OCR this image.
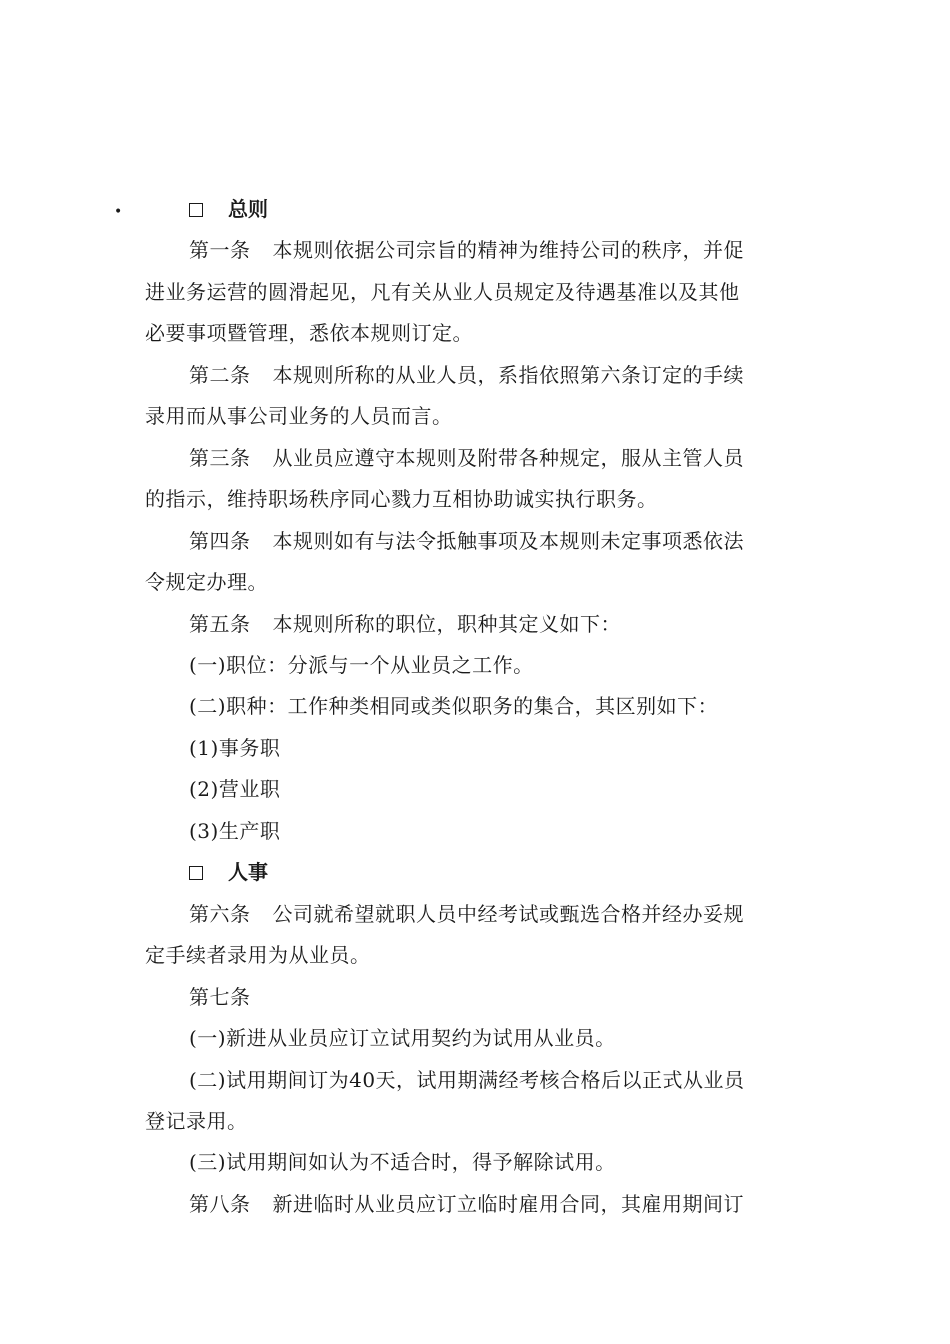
•	总则
第一条 本规则依据公司宗旨的精神为维持公司的秩序，并促
进业务运营的圆滑起见，凡有关从业人员规定及待遇基准以及其他
必要事项暨管理，悉依本规则订定。
第二条 本规则所称的从业人员，系指依照第六条订定的手续
录用而从事公司业务的人员而言。
第三条 从业员应遵守本规则及附带各种规定，服从主管人员
的指示，维持职场秩序同心戮力互相协助诚实执行职务。
第四条 本规则如有与法令抵触事项及本规则未定事项悉依法
令规定办理。
第五条 本规则所称的职位，职种其定义如下：
(一)职位：分派与一个从业员之工作。
(二)职种：工作种类相同或类似职务的集合，其区别如下：
(1)事务职
(2)营业职
(3)生产职
人事
第六条 公司就希望就职人员中经考试或甄选合格并经办妥规
定手续者录用为从业员。
第七条
(一)新进从业员应订立试用契约为试用从业员。
(二)试用期间订为40天，试用期满经考核合格后以正式从业员
登记录用。
(三)试用期间如认为不适合时，得予解除试用。
第八条 新进临时从业员应订立临时雇用合同，其雇用期间订
